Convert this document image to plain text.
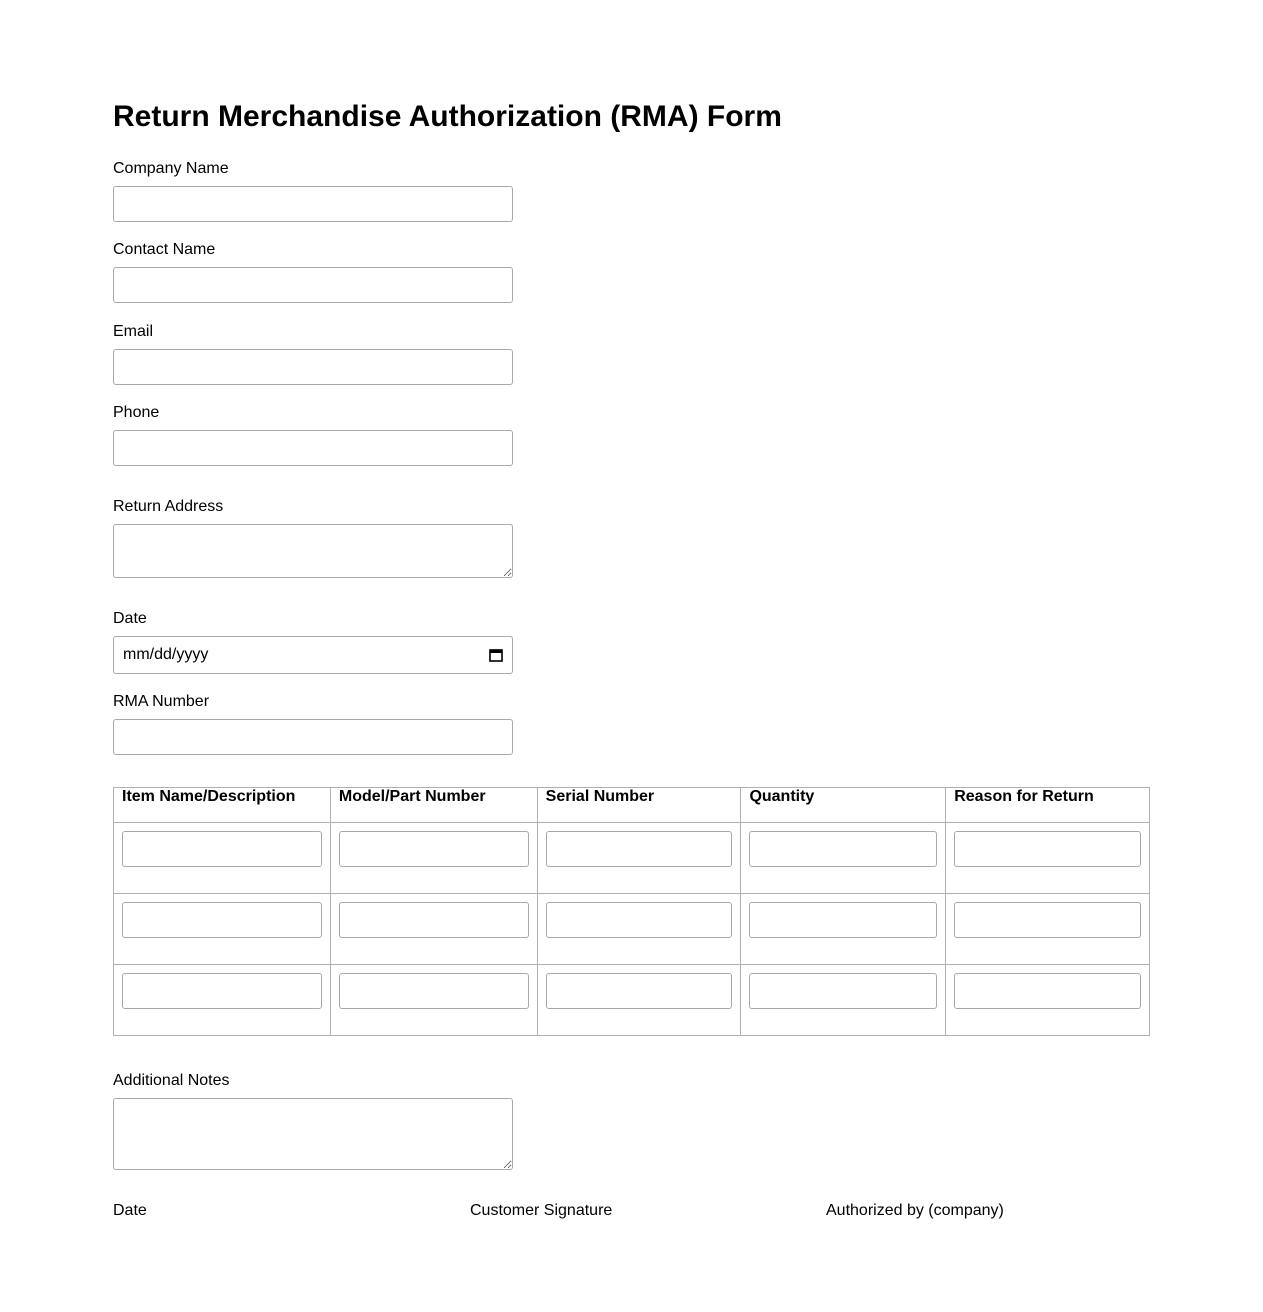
Return Merchandise Authorization (RMA) Form
Company Name
Contact Name
Email
Phone
Return Address
Date
mm/dd/yyyy
RMA Number
Item Name/Description	Model/Part Number	Serial Number	Quantity	Reason for Return

Additional Notes
Date	Customer Signature	Authorized by (company)
